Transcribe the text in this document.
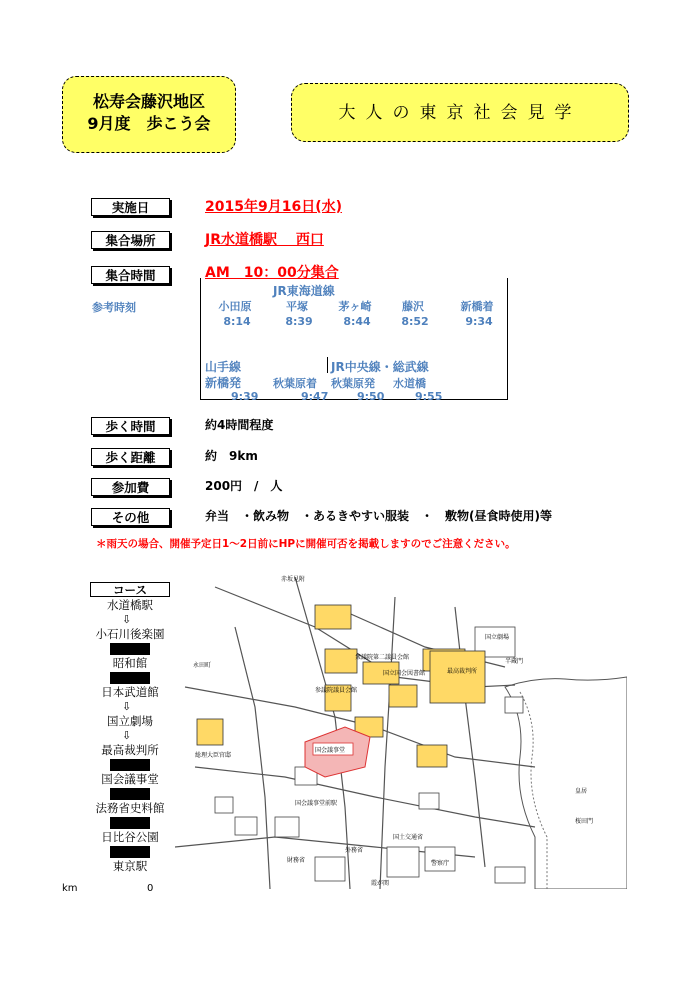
松寿会藤沢地区
9月度　歩こう会
大人の東京社会見学
実施日	2015年9月16日(水)
集合場所	JR水道橋駅　 西口
集合時間	AM　10：00分集合
参考時刻
JR東海道線
小田原	平塚	茅ヶ崎	藤沢	新橋着
8:14	8:39	8:44	8:52	9:34
山手線	JR中央線・総武線
新橋発	秋葉原着 秋葉原発 水道橋
9:39	9:47	9:50	9:55
歩く時間	約4時間程度
歩く距離	約　9km
参加費	200円　/　人
その他	弁当　・飲み物　・あるきやすい服装　・　敷物(昼食時使用)等
＊雨天の場合、開催予定日1～2日前にHPに開催可否を掲載しますのでご注意ください。
コース
水道橋駅
⇩
小石川後楽園
昭和館
日本武道館
⇩
国立劇場
⇩
最高裁判所
国会議事堂
法務省史料館
日比谷公園
東京駅
km	0
国会議事堂
国立劇場
最高裁判所
国立国会図書館
皇居
桜田門
半蔵門
永田町
外務省
財務省	警察庁
国土交通省
霞が関
赤坂見附
総理大臣官邸
参議院議員会館
衆議院第二議員会館
国会議事堂前駅
